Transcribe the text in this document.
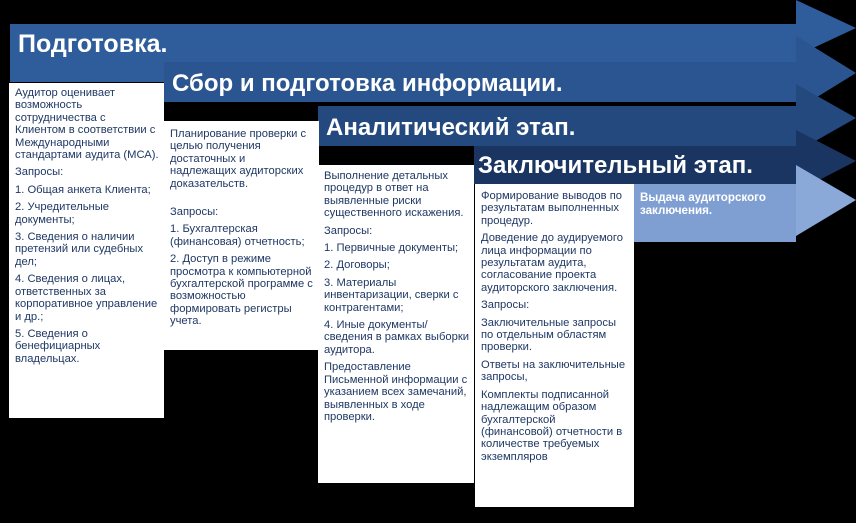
Подготовка.
Сбор и подготовка информации.
Аналитический этап.
Заключительный этап.

Аудитор оценивает возможность сотрудничества с Клиентом в соответствии с Международными стандартами аудита (МСА).

Запросы:

1. Общая анкета Клиента;

2. Учредительные документы;

3. Сведения о наличии претензий или судебных дел;

4. Сведения о лицах, ответственных за корпоративное управление и др.;

5. Сведения о бенефициарных владельцах.

Планирование проверки с целью получения достаточных и надлежащих аудиторских доказательств.

Запросы:

1. Бухгалтерская (финансовая) отчетность;

2. Доступ в режиме просмотра к компьютерной бухгалтерской программе с возможностью формировать регистры учета.

Выполнение детальных процедур в ответ на выявленные риски существенного искажения.

Запросы:

1. Первичные документы;

2. Договоры;

3. Материалы инвентаризации, сверки с контрагентами;

4. Иные документы/ сведения в рамках выборки аудитора.

Предоставление Письменной информации с указанием всех замечаний, выявленных в ходе проверки.

Формирование выводов по результатам выполненных процедур.

Доведение до аудируемого лица информации по результатам аудита, согласование проекта аудиторского заключения.

Запросы:

Заключительные запросы по отдельным областям проверки.

Ответы на заключительные запросы,

Комплекты подписанной надлежащим образом бухгалтерской (финансовой) отчетности в количестве требуемых экземпляров

Выдача аудиторского заключения.
